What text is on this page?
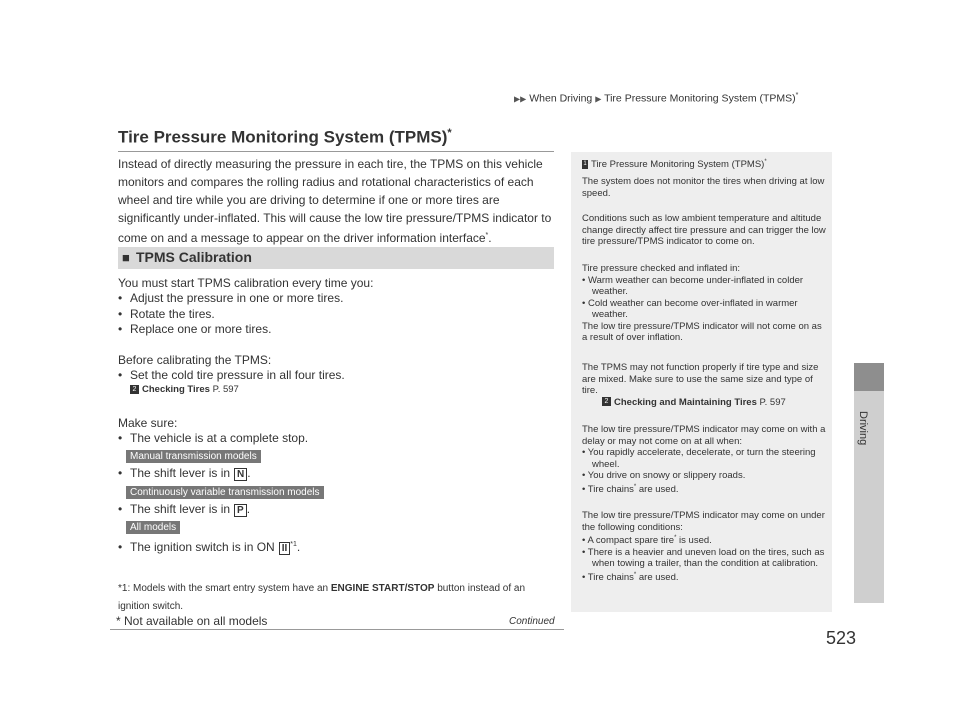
▶▶ When Driving ▶ Tire Pressure Monitoring System (TPMS)*
Driving
523
Tire Pressure Monitoring System (TPMS)*
Instead of directly measuring the pressure in each tire, the TPMS on this vehicle monitors and compares the rolling radius and rotational characteristics of each wheel and tire while you are driving to determine if one or more tires are significantly under-inflated. This will cause the low tire pressure/TPMS indicator to come on and a message to appear on the driver information interface*.
■ TPMS Calibration
You must start TPMS calibration every time you:
• Adjust the pressure in one or more tires.
• Rotate the tires.
• Replace one or more tires.
Before calibrating the TPMS:
• Set the cold tire pressure in all four tires.
2 Checking Tires P. 597
Make sure:
• The vehicle is at a complete stop.
Manual transmission models
• The shift lever is in N .
Continuously variable transmission models
• The shift lever is in P .
All models
• The ignition switch is in ON II $^{*1}$.
*1: Models with the smart entry system have an ENGINE START/STOP button instead of an ignition switch.
Continued
* Not available on all models
1 Tire Pressure Monitoring System (TPMS)*
The system does not monitor the tires when driving at low speed.
Conditions such as low ambient temperature and altitude change directly affect tire pressure and can trigger the low tire pressure/TPMS indicator to come on.
Tire pressure checked and inflated in:
• Warm weather can become under-inflated in colder weather.
• Cold weather can become over-inflated in warmer weather.
The low tire pressure/TPMS indicator will not come on as a result of over inflation.
The TPMS may not function properly if tire type and size are mixed. Make sure to use the same size and type of tire.
2 Checking and Maintaining Tires P. 597
The low tire pressure/TPMS indicator may come on with a delay or may not come on at all when:
• You rapidly accelerate, decelerate, or turn the steering wheel.
• You drive on snowy or slippery roads.
• Tire chains* are used.
The low tire pressure/TPMS indicator may come on under the following conditions:
• A compact spare tire* is used.
• There is a heavier and uneven load on the tires, such as when towing a trailer, than the condition at calibration.
• Tire chains* are used.
